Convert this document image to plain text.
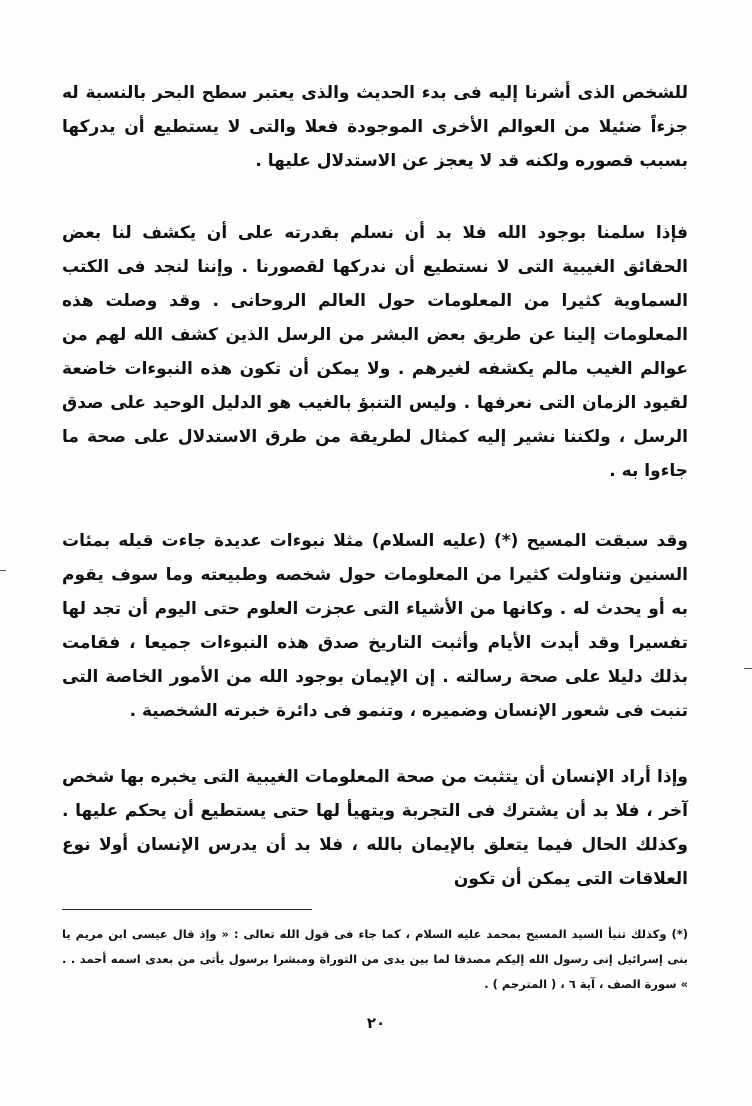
للشخص الذى أشرنا إليه فى بدء الحديث والذى يعتبر سطح البحر بالنسبة له جزءاً ضئيلا من العوالم الأخرى الموجودة فعلا والتى لا يستطيع أن يدركها بسبب قصوره ولكنه قد لا يعجز عن الاستدلال عليها .

فإذا سلمنا بوجود الله فلا بد أن نسلم بقدرته على أن يكشف لنا بعض الحقائق الغيبية التى لا نستطيع أن ندركها لقصورنا . وإننا لنجد فى الكتب السماوية كثيرا من المعلومات حول العالم الروحانى . وقد وصلت هذه المعلومات إلينا عن طريق بعض البشر من الرسل الذين كشف الله لهم من عوالم الغيب مالم يكشفه لغيرهم . ولا يمكن أن تكون هذه النبوءات خاضعة لقيود الزمان التى نعرفها . وليس التنبؤ بالغيب هو الدليل الوحيد على صدق الرسل ، ولكننا نشير إليه كمثال لطريقة من طرق الاستدلال على صحة ما جاءوا به .

وقد سبقت المسيح (*) (عليه السلام) مثلا نبوءات عديدة جاءت قبله بمئات السنين وتناولت كثيرا من المعلومات حول شخصه وطبيعته وما سوف يقوم به أو يحدث له . وكانها من الأشياء التى عجزت العلوم حتى اليوم أن تجد لها تفسيرا وقد أيدت الأيام وأثبت التاريخ صدق هذه النبوءات جميعا ، فقامت بذلك دليلا على صحة رسالته . إن الإيمان بوجود الله من الأمور الخاصة التى تنبت فى شعور الإنسان وضميره ، وتنمو فى دائرة خبرته الشخصية .

وإذا أراد الإنسان أن يتثبت من صحة المعلومات الغيبية التى يخبره بها شخص آخر ، فلا بد أن يشترك فى التجربة ويتهيأ لها حتى يستطيع أن يحكم عليها . وكذلك الحال فيما يتعلق بالإيمان بالله ، فلا بد أن يدرس الإنسان أولا نوع العلاقات التى يمكن أن تكون

(*) وكذلك تنبأ السيد المسيح بمحمد عليه السلام ، كما جاء فى قول الله تعالى : « وإذ قال عيسى ابن مريم يا بنى إسرائيل إنى رسول الله إليكم مصدقا لما بين يدى من التوراة ومبشرا برسول يأتى من بعدى اسمه أحمد . . » سورة الصف ، آية ٦ ، ( المترجم ) .

٢٠
